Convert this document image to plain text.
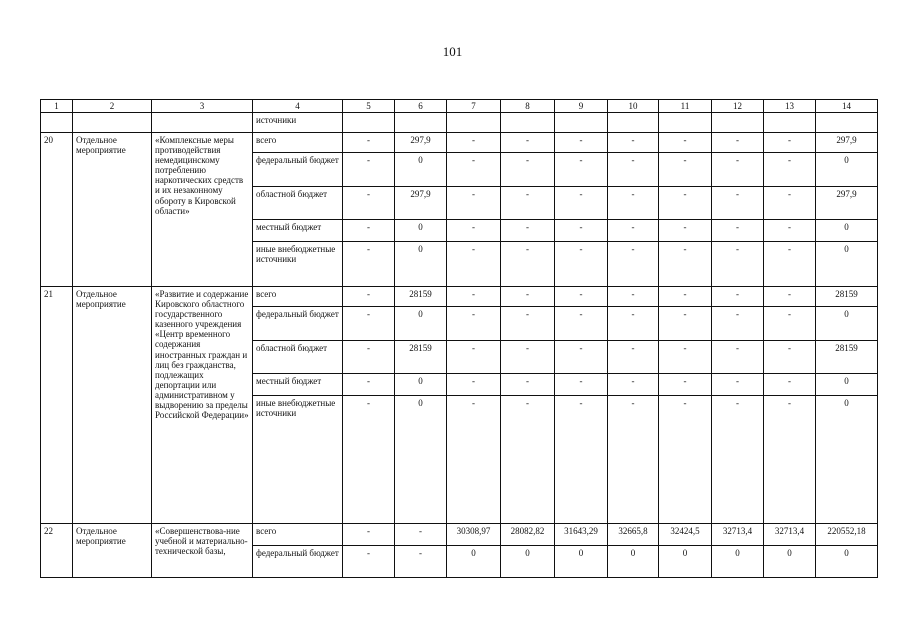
101
1	2	3	4	5	6	7	8	9	10	11	12	13	14
			источники										
20	Отдельное мероприятие	«Комплексные меры противодействия немедицинскому потреблению наркотических средств и их незаконному обороту в Кировской области»	всего	-	297,9	-	-	-	-	-	-	-	297,9
			федеральный бюджет	-	0	-	-	-	-	-	-	-	0
			областной бюджет	-	297,9	-	-	-	-	-	-	-	297,9
			местный бюджет	-	0	-	-	-	-	-	-	-	0
			иные внебюджетные источники	-	0	-	-	-	-	-	-	-	0
21	Отдельное мероприятие	«Развитие и содержание Кировского областного государственного казенного учреждения «Центр временного содержания иностранных граждан и лиц без гражданства, подлежащих депортации или административном у выдворению за пределы Российской Федерации»	всего	-	28159	-	-	-	-	-	-	-	28159
			федеральный бюджет	-	0	-	-	-	-	-	-	-	0
			областной бюджет	-	28159	-	-	-	-	-	-	-	28159
			местный бюджет	-	0	-	-	-	-	-	-	-	0
			иные внебюджетные источники	-	0	-	-	-	-	-	-	-	0
22	Отдельное мероприятие	«Совершенствова-ние учебной и материально-технической базы,	всего	-	-	30308,97	28082,82	31643,29	32665,8	32424,5	32713,4	32713,4	220552,18
			федеральный бюджет	-	-	0	0	0	0	0	0	0	0
